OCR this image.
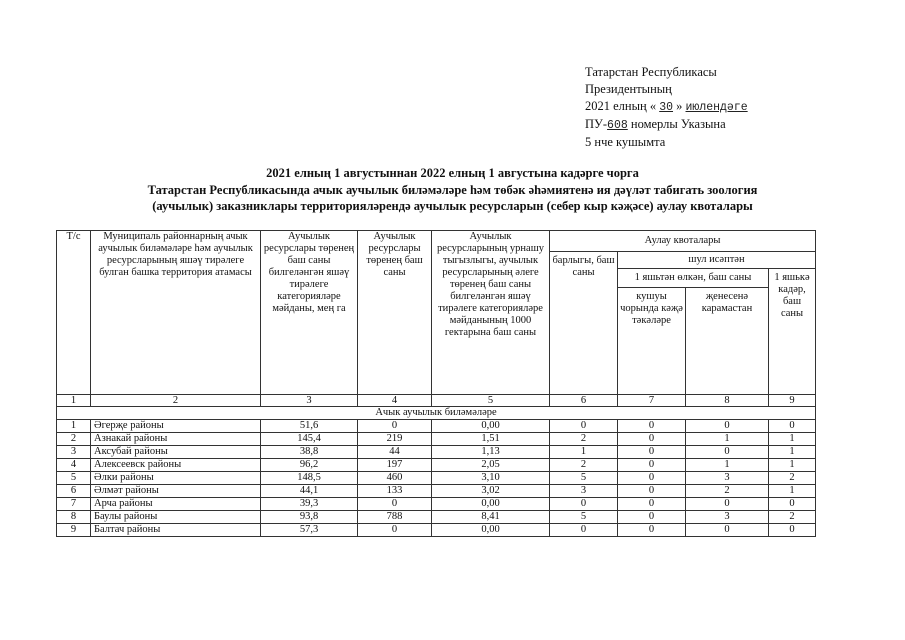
Татарстан Республикасы
Президентының
2021 елның « 30 » июлендәге
ПУ-608 номерлы Указына
5 нче кушымта
2021 елның 1 августыннан 2022 елның 1 августына кадәрге чорга
Татарстан Республикасында ачык аучылык биләмәләре һәм төбәк әһәмиятенә ия дәүләт табигать зоология
(аучылык) заказниклары территорияләрендә аучылык ресурсларын (себер кыр кәҗәсе) аулау квоталары
Т/с	Муниципаль районнарның ачык аучылык биләмәләре һәм аучылык ресурсларының яшәү тирәлеге булган башка территория атамасы	Аучылык ресурслары төренең баш саны билгеләнгән яшәү тирәлеге категорияләре мәйданы, мең га	Аучылык ресурслары төренең баш саны	Аучылык ресурсларының урнашу тыгызлыгы, аучылык ресурсларының әлеге төренең баш саны билгеләнгән яшәү тирәлеге категорияләре мәйданының 1000 гектарына баш саны	Аулау квоталары			
					барлыгы, баш саны	шул исәптән		
						1 яшьтән өлкән, баш саны		1 яшькә кадәр, баш саны
						кушуы чорында кәҗә тәкәләре	җенесенә карамастан	
1	2	3	4	5	6	7	8	9
Ачык аучылык биләмәләре								
1	Әгерҗе районы	51,6	0	0,00	0	0	0	0
2	Азнакай районы	145,4	219	1,51	2	0	1	1
3	Аксубай районы	38,8	44	1,13	1	0	0	1
4	Алексеевск районы	96,2	197	2,05	2	0	1	1
5	Әлки районы	148,5	460	3,10	5	0	3	2
6	Әлмәт районы	44,1	133	3,02	3	0	2	1
7	Арча районы	39,3	0	0,00	0	0	0	0
8	Баулы районы	93,8	788	8,41	5	0	3	2
9	Балтач районы	57,3	0	0,00	0	0	0	0
